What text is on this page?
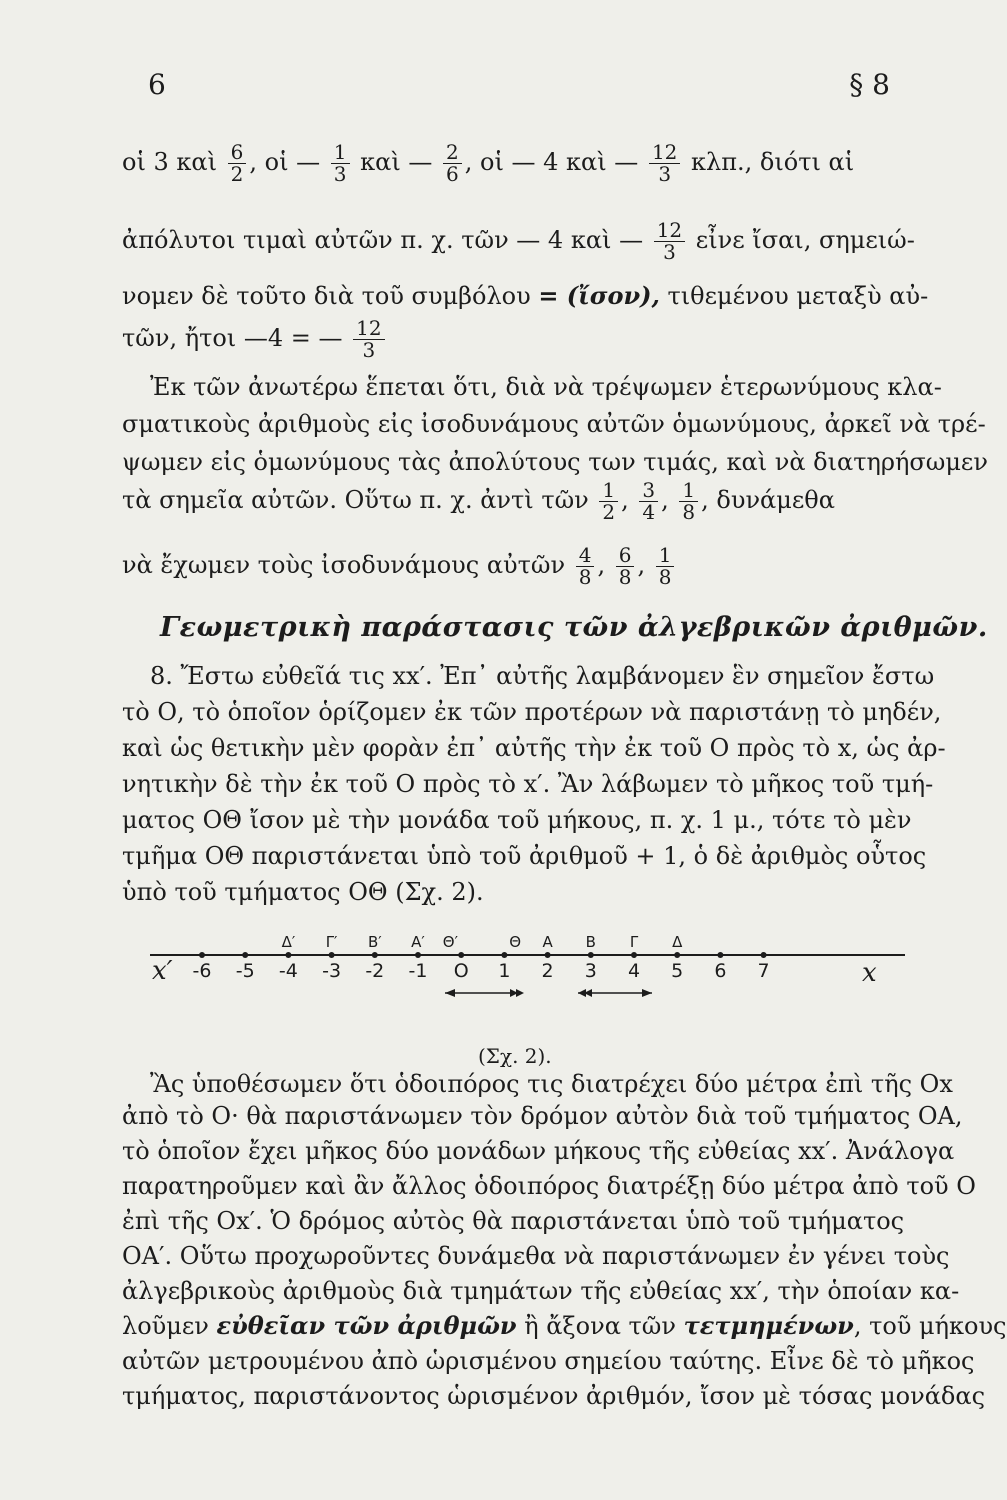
6	§ 8
οἱ 3 καὶ $\frac{6}{2}$ , οἱ — $\frac{1}{3}$ καὶ — $\frac{2}{6}$ , οἱ — 4 καὶ — $\frac{12}{3} \kappa\lambda\pi$., διότι αἱ
ἀπόλυτοι τιμαὶ αὐτῶν π. χ. τῶν — 4 καὶ — $\frac{12}{3}$ εἶνε ἴσαι, σημειώ-
νομεν δὲ τοῦτο διὰ τοῦ συμβόλου = (ἴσον), τιθεμένου μεταξὺ αὐ-
τῶν, ἤτοι —4 = — $\frac{12}{3}$
Ἐκ τῶν ἀνωτέρω ἕπεται ὅτι, διὰ νὰ τρέψωμεν ἑτερωνύμους κλα-
σματικοὺς ἀριθμοὺς εἰς ἰσοδυνάμους αὐτῶν ὁμωνύμους, ἀρκεῖ νὰ τρέ-
ψωμεν εἰς ὁμωνύμους τὰς ἀπολύτους των τιμάς, καὶ νὰ διατηρήσωμεν
τὰ σημεῖα αὐτῶν. Οὕτω π. χ. ἀντὶ τῶν $\frac{1}{2}$ , $\frac{3}{4}$ , $\frac{1}{8}$ , δυνάμεθα
νὰ ἔχωμεν τοὺς ἰσοδυνάμους αὐτῶν $\frac{4}{8}$ , $\frac{6}{8}$ , $\frac{1}{8}$
Γεωμετρικὴ παράστασις τῶν ἀλγεβρικῶν ἀριθμῶν.
8. Ἔστω εὐθεῖά τις xx′. Ἐπ᾽ αὐτῆς λαμβάνομεν ἓν σημεῖον ἔστω
τὸ Ο, τὸ ὁποῖον ὁρίζομεν ἐκ τῶν προτέρων νὰ παριστάνῃ τὸ μηδέν,
καὶ ὡς θετικὴν μὲν φορὰν ἐπ᾽ αὐτῆς τὴν ἐκ τοῦ Ο πρὸς τὸ x, ὡς ἀρ-
νητικὴν δὲ τὴν ἐκ τοῦ Ο πρὸς τὸ x′. Ἂν λάβωμεν τὸ μῆκος τοῦ τμή-
ματος ΟΘ ἴσον μὲ τὴν μονάδα τοῦ μήκους, π. χ. 1 μ., τότε τὸ μὲν
τμῆμα ΟΘ παριστάνεται ὑπὸ τοῦ ἀριθμοῦ + 1, ὁ δὲ ἀριθμὸς οὗτος
ὑπὸ τοῦ τμήματος ΟΘ (Σχ. 2).
x′	x
-6 -5 -4 -3 -2 -1 O 1 2 3 4 5 6 7
Δ′ Γ′ Β′ Α′ Θ′	Θ Α Β Γ Δ
(Σχ. 2).
Ἂς ὑποθέσωμεν ὅτι ὁδοιπόρος τις διατρέχει δύο μέτρα ἐπὶ τῆς Οx
ἀπὸ τὸ Ο· θὰ παριστάνωμεν τὸν δρόμον αὐτὸν διὰ τοῦ τμήματος ΟΑ,
τὸ ὁποῖον ἔχει μῆκος δύο μονάδων μήκους τῆς εὐθείας xx′. Ἀνάλογα
παρατηροῦμεν καὶ ἂν ἄλλος ὁδοιπόρος διατρέξῃ δύο μέτρα ἀπὸ τοῦ Ο
ἐπὶ τῆς Οx′. Ὁ δρόμος αὐτὸς θὰ παριστάνεται ὑπὸ τοῦ τμήματος
ΟΑ′. Οὕτω προχωροῦντες δυνάμεθα νὰ παριστάνωμεν ἐν γένει τοὺς
ἀλγεβρικοὺς ἀριθμοὺς διὰ τμημάτων τῆς εὐθείας xx′, τὴν ὁποίαν κα-
λοῦμεν εὐθεῖαν τῶν ἀριθμῶν ἢ ἄξονα τῶν τετμημένων, τοῦ μήκους
αὐτῶν μετρουμένου ἀπὸ ὡρισμένου σημείου ταύτης. Εἶνε δὲ τὸ μῆκος
τμήματος, παριστάνοντος ὡρισμένον ἀριθμόν, ἴσον μὲ τόσας μονάδας
